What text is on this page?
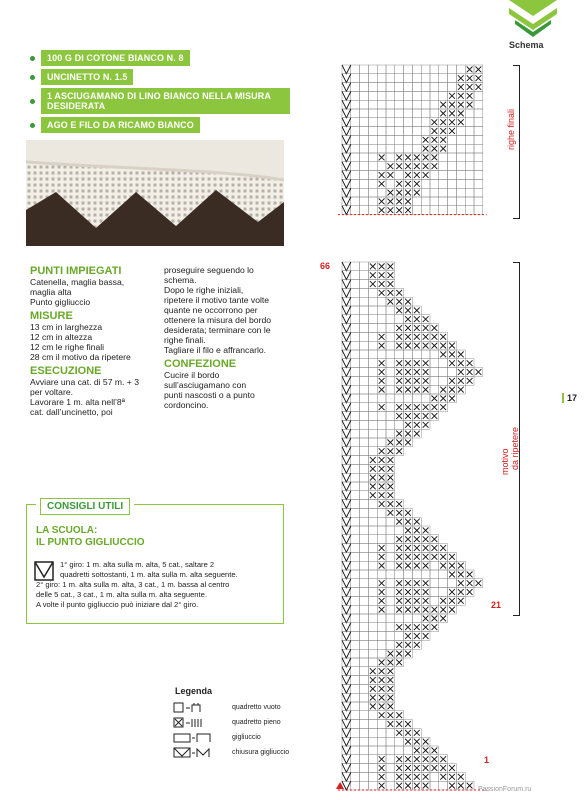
Schema
100 G DI COTONE BIANCO N. 8
UNCINETTO N. 1.5
1 ASCIUGAMANO DI LINO BIANCO NELLA MISURA DESIDERATA
AGO E FILO DA RICAMO BIANCO
PUNTI IMPIEGATI
Catenella, maglia bassa,
maglia alta
Punto gigliuccio
MISURE
13 cm in larghezza
12 cm in altezza
12 cm le righe finali
28 cm il motivo da ripetere
ESECUZIONE
Avviare una cat. di 57 m. + 3
per voltare.
Lavorare 1 m. alta nell’8ª
cat. dall’uncinetto, poi
proseguire seguendo lo
schema.
Dopo le righe iniziali,
ripetere il motivo tante volte
quante ne occorrono per
ottenere la misura del bordo
desiderata; terminare con le
righe finali.
Tagliare il filo e affrancarlo.
CONFEZIONE
Cucire il bordo
sull’asciugamano con
punti nascosti o a punto
cordoncino.
CONSIGLI UTILI
LA SCUOLA:
IL PUNTO GIGLIUCCIO
1° giro: 1 m. alta sulla m. alta, 5 cat., saltare 2
quadretti sottostanti, 1 m. alta sulla m. alta seguente.
2° giro: 1 m. alta sulla m. alta, 3 cat., 1 m. bassa al centro
delle 5 cat., 3 cat., 1 m. alta sulla m. alta seguente.
A volte il punto gigliuccio può iniziare dal 2° giro.
Legenda
quadretto vuoto
quadretto pieno
gigliuccio
chiusura gigliuccio
righe finali
motivo da ripetere
66
21
1
17
PassionForum.ru
